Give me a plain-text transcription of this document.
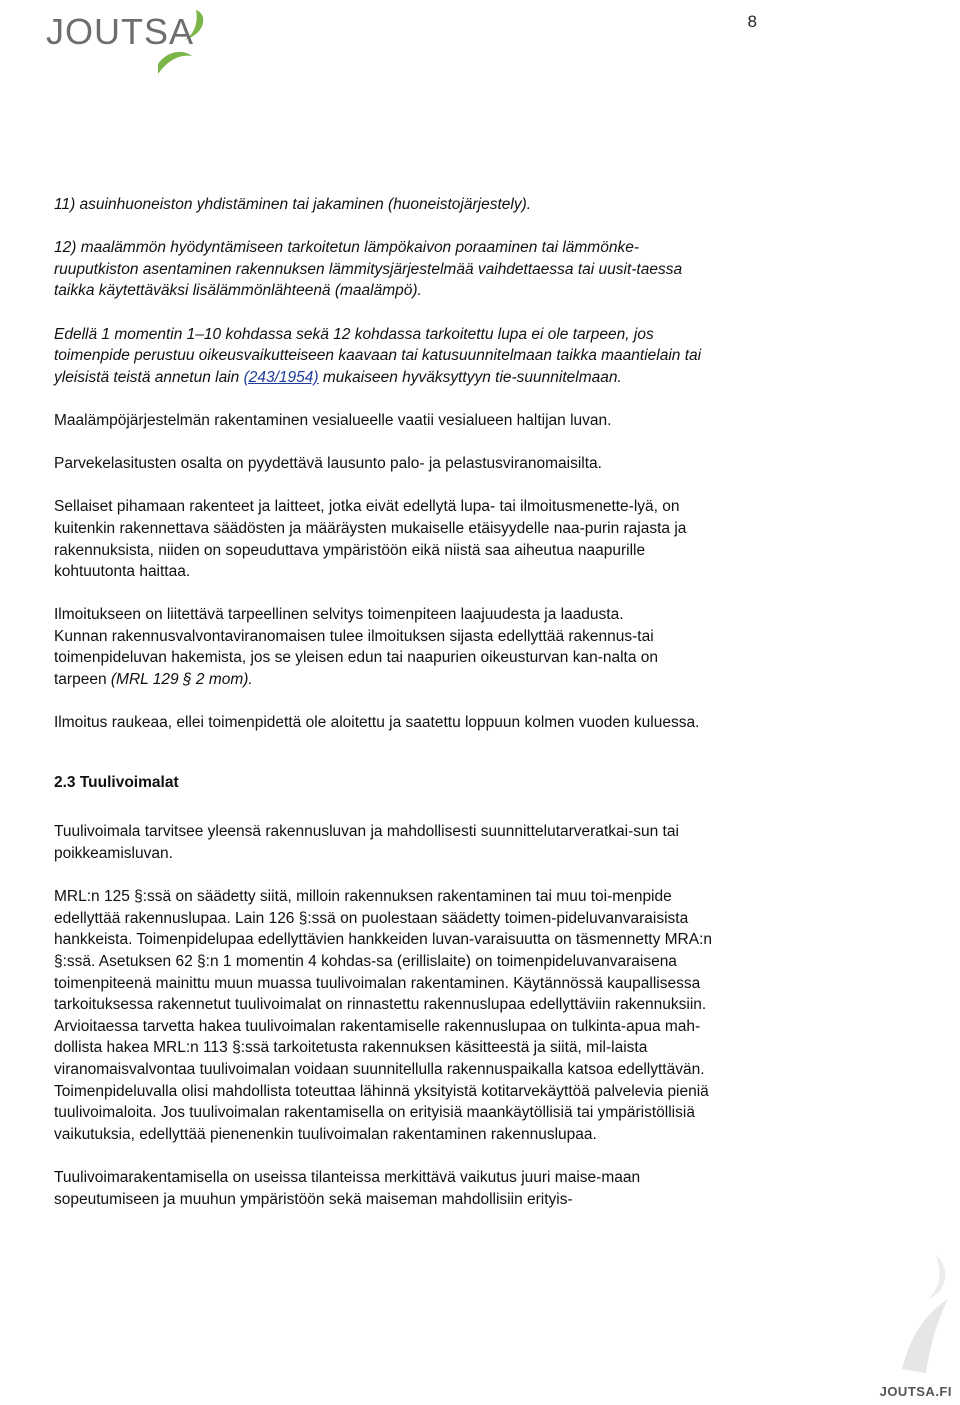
JOUTSA	8

11) asuinhuoneiston yhdistäminen tai jakaminen (huoneistojärjestely).

12) maalämmön hyödyntämiseen tarkoitetun lämpökaivon poraaminen tai lämmönke-ruuputkiston asentaminen rakennuksen lämmitysjärjestelmää vaihdettaessa tai uusit-taessa taikka käytettäväksi lisälämmönlähteenä (maalämpö).

Edellä 1 momentin 1–10 kohdassa sekä 12 kohdassa tarkoitettu lupa ei ole tarpeen, jos toimenpide perustuu oikeusvaikutteiseen kaavaan tai katusuunnitelmaan taikka maantielain tai yleisistä teistä annetun lain (243/1954) mukaiseen hyväksyttyyn tie-suunnitelmaan.

Maalämpöjärjestelmän rakentaminen vesialueelle vaatii vesialueen haltijan luvan.

Parvekelasitusten osalta on pyydettävä lausunto palo- ja pelastusviranomaisilta.

Sellaiset pihamaan rakenteet ja laitteet, jotka eivät edellytä lupa- tai ilmoitusmenette-lyä, on kuitenkin rakennettava säädösten ja määräysten mukaiselle etäisyydelle naa-purin rajasta ja rakennuksista, niiden on sopeuduttava ympäristöön eikä niistä saa aiheutua naapurille kohtuutonta haittaa.

Ilmoitukseen on liitettävä tarpeellinen selvitys toimenpiteen laajuudesta ja laadusta.
Kunnan rakennusvalvontaviranomaisen tulee ilmoituksen sijasta edellyttää rakennus-tai toimenpideluvan hakemista, jos se yleisen edun tai naapurien oikeusturvan kan-nalta on tarpeen (MRL 129 § 2 mom).

Ilmoitus raukeaa, ellei toimenpidettä ole aloitettu ja saatettu loppuun kolmen vuoden kuluessa.

2.3 Tuulivoimalat

Tuulivoimala tarvitsee yleensä rakennusluvan ja mahdollisesti suunnittelutarveratkai-sun tai poikkeamisluvan.

MRL:n 125 §:ssä on säädetty siitä, milloin rakennuksen rakentaminen tai muu toi-menpide edellyttää rakennuslupaa. Lain 126 §:ssä on puolestaan säädetty toimen-pideluvanvaraisista hankkeista. Toimenpidelupaa edellyttävien hankkeiden luvan-varaisuutta on täsmennetty MRA:n §:ssä. Asetuksen 62 §:n 1 momentin 4 kohdas-sa (erillislaite) on toimenpideluvanvaraisena toimenpiteenä mainittu muun muassa tuulivoimalan rakentaminen. Käytännössä kaupallisessa tarkoituksessa rakennetut tuulivoimalat on rinnastettu rakennuslupaa edellyttäviin rakennuksiin. Arvioitaessa tarvetta hakea tuulivoimalan rakentamiselle rakennuslupaa on tulkinta-apua mah-dollista hakea MRL:n 113 §:ssä tarkoitetusta rakennuksen käsitteestä ja siitä, mil-laista viranomaisvalvontaa tuulivoimalan voidaan suunnitellulla rakennuspaikalla katsoa edellyttävän. Toimenpideluvalla olisi mahdollista toteuttaa lähinnä yksityistä kotitarvekäyttöä palvelevia pieniä tuulivoimaloita. Jos tuulivoimalan rakentamisella on erityisiä maankäytöllisiä tai ympäristöllisiä vaikutuksia, edellyttää pienenenkin tuulivoimalan rakentaminen rakennuslupaa.

Tuulivoimarakentamisella on useissa tilanteissa merkittävä vaikutus juuri maise-maan sopeutumiseen ja muuhun ympäristöön sekä maiseman mahdollisiin erityis-

JOUTSA.FI
